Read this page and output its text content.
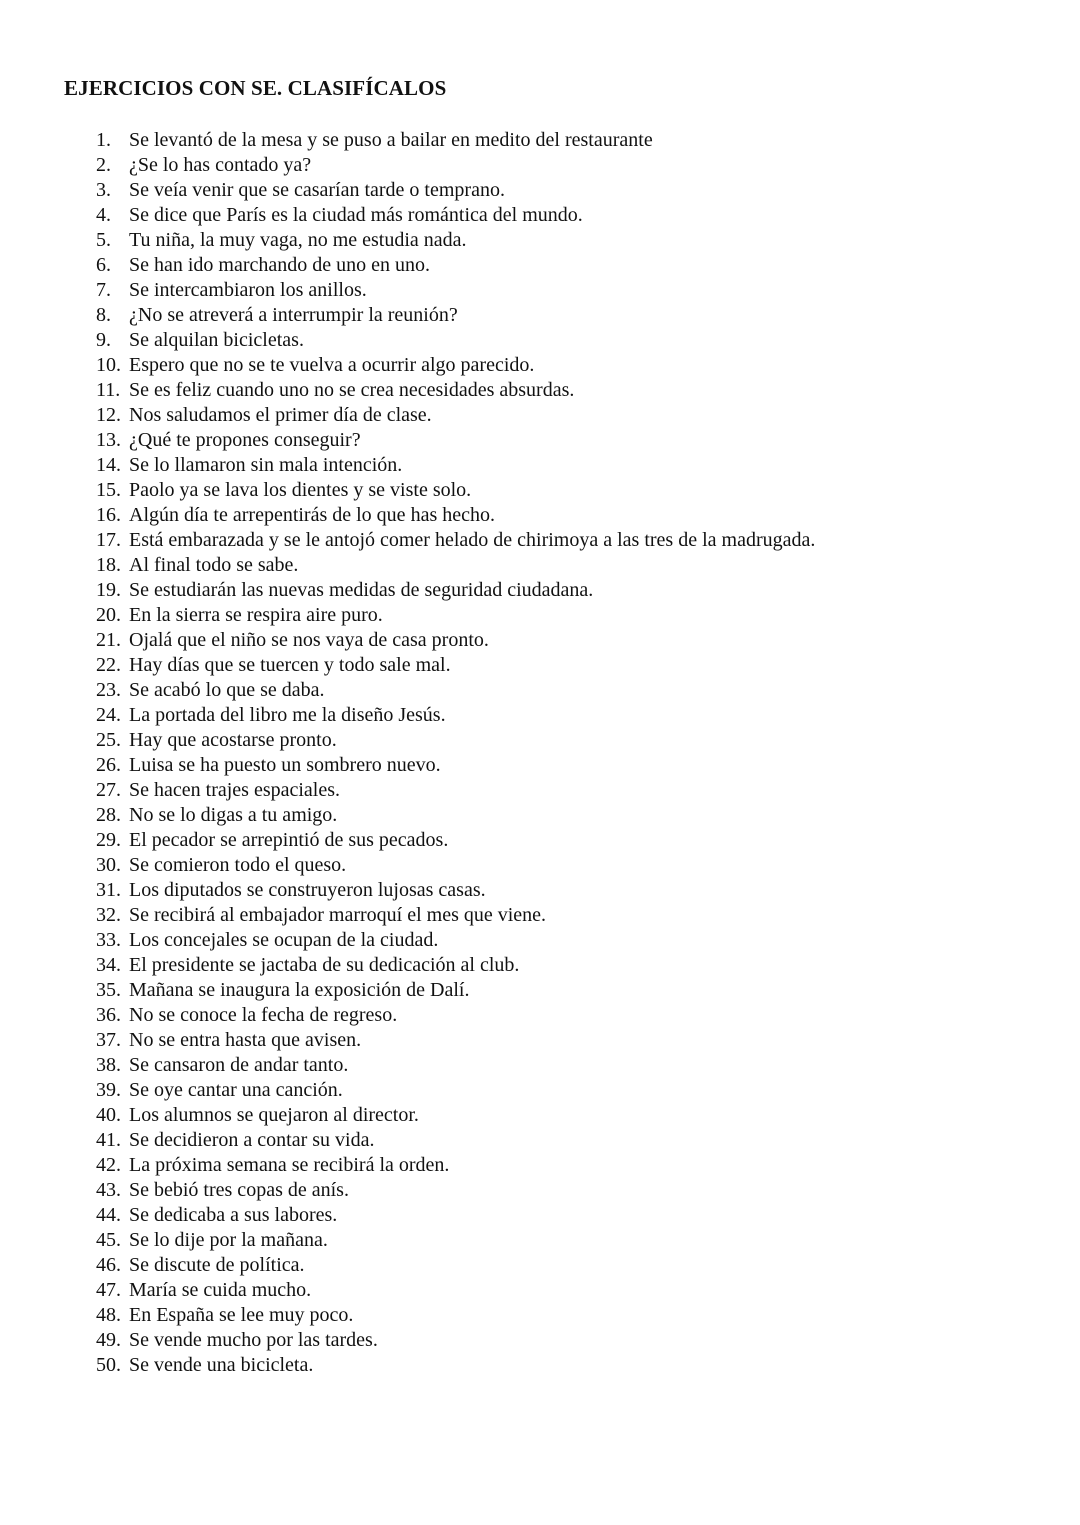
EJERCICIOS CON SE. CLASIFÍCALOS
1. Se levantó de la mesa y se puso a bailar en medito del restaurante
2. ¿Se lo has contado ya?
3. Se veía venir que se casarían tarde o temprano.
4. Se dice que París es la ciudad más romántica del mundo.
5. Tu niña, la muy vaga, no me estudia nada.
6. Se han ido marchando de uno en uno.
7. Se intercambiaron los anillos.
8. ¿No se atreverá a interrumpir la reunión?
9. Se alquilan bicicletas.
10. Espero que no se te vuelva a ocurrir algo parecido.
11. Se es feliz cuando uno no se crea necesidades absurdas.
12. Nos saludamos el primer día de clase.
13. ¿Qué te propones conseguir?
14. Se lo llamaron sin mala intención.
15. Paolo ya se lava los dientes y se viste solo.
16. Algún día te arrepentirás de lo que has hecho.
17. Está embarazada y se le antojó comer helado de chirimoya a las tres de la madrugada.
18. Al final todo se sabe.
19. Se estudiarán las nuevas medidas de seguridad ciudadana.
20. En la sierra se respira aire puro.
21. Ojalá que el niño se nos vaya de casa pronto.
22. Hay días que se tuercen y todo sale mal.
23. Se acabó lo que se daba.
24. La portada del libro me la diseño Jesús.
25. Hay que acostarse pronto.
26. Luisa se ha puesto un sombrero nuevo.
27. Se hacen trajes espaciales.
28. No se lo digas a tu amigo.
29. El pecador se arrepintió de sus pecados.
30. Se comieron todo el queso.
31. Los diputados se construyeron lujosas casas.
32. Se recibirá al embajador marroquí el mes que viene.
33. Los concejales se ocupan de la ciudad.
34. El presidente se jactaba de su dedicación al club.
35. Mañana se inaugura la exposición de Dalí.
36. No se conoce la fecha de regreso.
37. No se entra hasta que avisen.
38. Se cansaron de andar tanto.
39. Se oye cantar una canción.
40. Los alumnos se quejaron al director.
41. Se decidieron a contar su vida.
42. La próxima semana se recibirá la orden.
43. Se bebió tres copas de anís.
44. Se dedicaba a sus labores.
45. Se lo dije por la mañana.
46. Se discute de política.
47. María se cuida mucho.
48. En España se lee muy poco.
49. Se vende mucho por las tardes.
50. Se vende una bicicleta.
